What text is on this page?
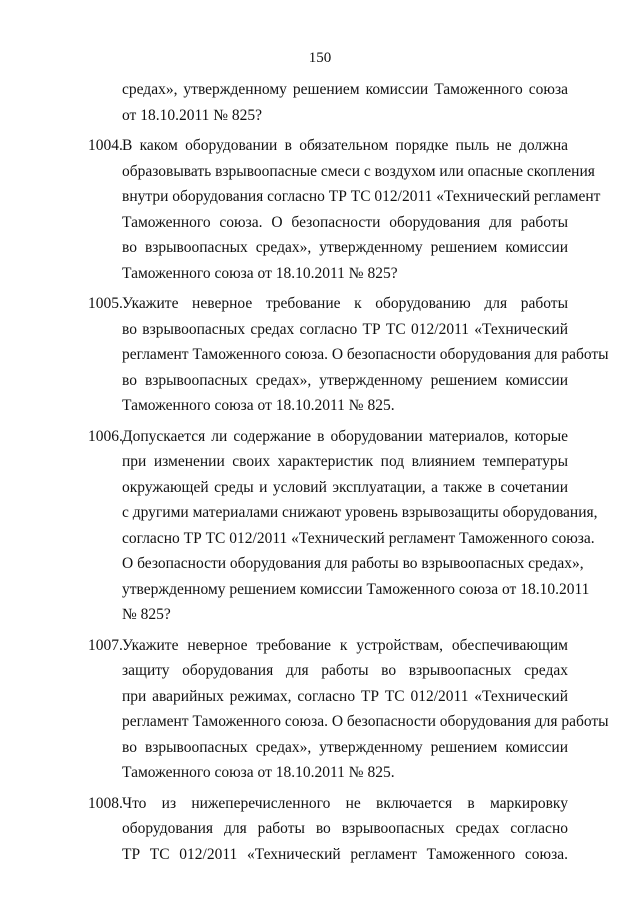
150
средах», утвержденному решением комиссии Таможенного союза
от 18.10.2011 № 825?
1004. В каком оборудовании в обязательном порядке пыль не должна
образовывать взрывоопасные смеси с воздухом или опасные скопления
внутри оборудования согласно ТР ТС 012/2011 «Технический регламент
Таможенного союза. О безопасности оборудования для работы
во взрывоопасных средах», утвержденному решением комиссии
Таможенного союза от 18.10.2011 № 825?
1005. Укажите неверное требование к оборудованию для работы
во взрывоопасных средах согласно ТР ТС 012/2011 «Технический
регламент Таможенного союза. О безопасности оборудования для работы
во взрывоопасных средах», утвержденному решением комиссии
Таможенного союза от 18.10.2011 № 825.
1006. Допускается ли содержание в оборудовании материалов, которые
при изменении своих характеристик под влиянием температуры
окружающей среды и условий эксплуатации, а также в сочетании
с другими материалами снижают уровень взрывозащиты оборудования,
согласно ТР ТС 012/2011 «Технический регламент Таможенного союза.
О безопасности оборудования для работы во взрывоопасных средах»,
утвержденному решением комиссии Таможенного союза от 18.10.2011
№ 825?
1007. Укажите неверное требование к устройствам, обеспечивающим
защиту оборудования для работы во взрывоопасных средах
при аварийных режимах, согласно ТР ТС 012/2011 «Технический
регламент Таможенного союза. О безопасности оборудования для работы
во взрывоопасных средах», утвержденному решением комиссии
Таможенного союза от 18.10.2011 № 825.
1008. Что из нижеперечисленного не включается в маркировку
оборудования для работы во взрывоопасных средах согласно
ТР ТС 012/2011 «Технический регламент Таможенного союза.
